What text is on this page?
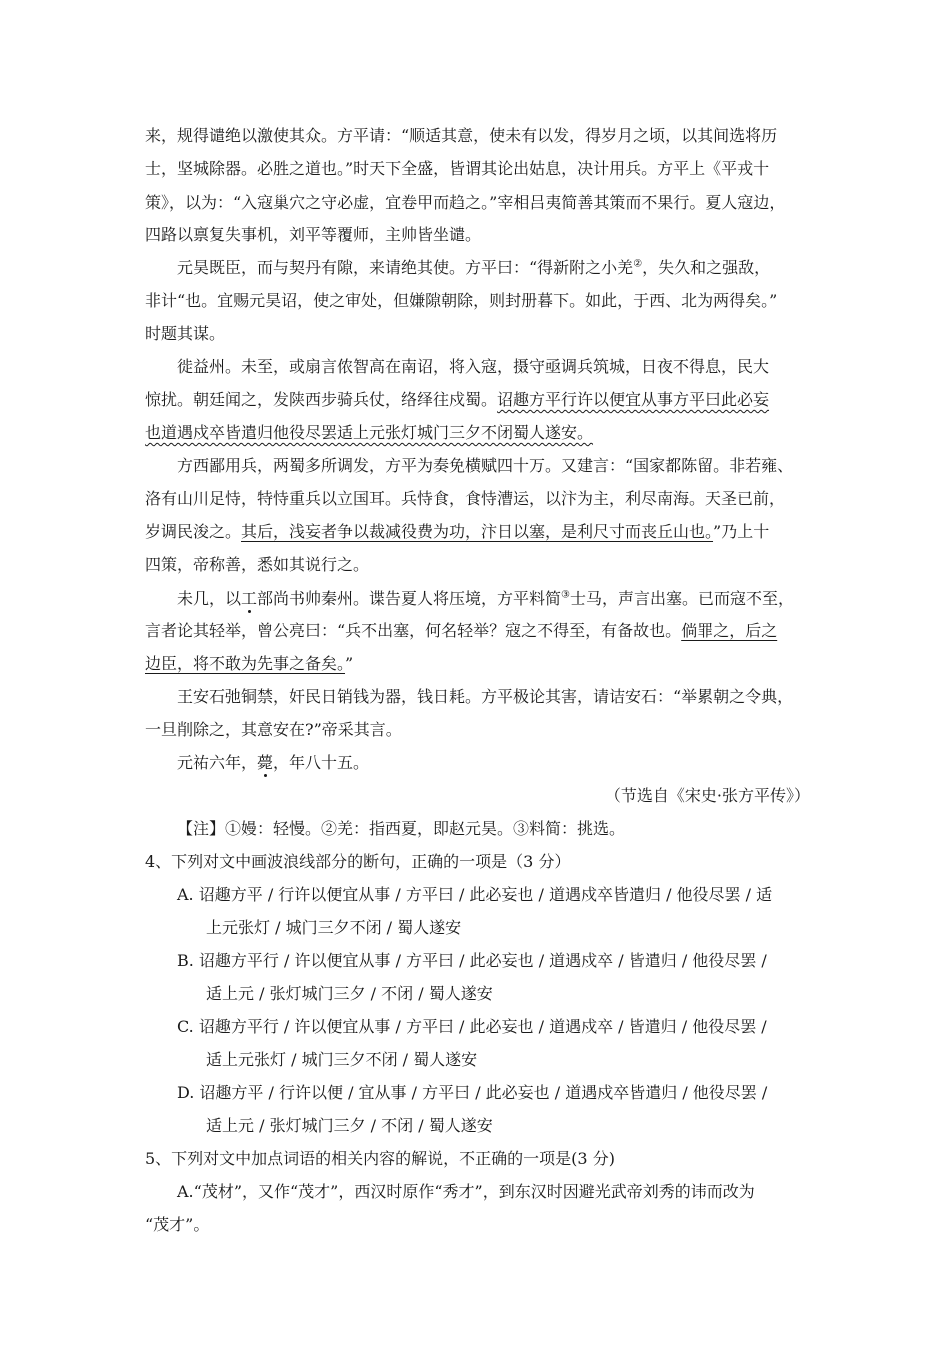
来，规得谴绝以激使其众。方平请：“顺适其意，使未有以发，得岁月之顷，以其间选将历
士，坚城除器。必胜之道也。”时天下全盛，皆谓其论出姑息，决计用兵。方平上《平戎十
策》，以为：“入寇巢穴之守必虚，宜卷甲而趋之。”宰相吕夷简善其策而不果行。夏人寇边，
四路以禀复失事机，刘平等覆师，主帅皆坐谴。
元昊既臣，而与契丹有隙，来请绝其使。方平曰：“得新附之小羌②，失久和之强敌，
非计“也。宜赐元昊诏，使之审处，但嫌隙朝除，则封册暮下。如此，于西、北为两得矣。”
时题其谋。
徙益州。未至，或扇言侬智高在南诏，将入寇，摄守亟调兵筑城，日夜不得息，民大
惊扰。朝廷闻之，发陕西步骑兵仗，络绎往戍蜀。诏趣方平行许以便宜从事方平曰此必妄
也道遇戍卒皆遣归他役尽罢适上元张灯城门三夕不闭蜀人遂安。
方西鄙用兵，两蜀多所调发，方平为奏免横赋四十万。又建言：“国家都陈留。非若雍、
洛有山川足恃，特恃重兵以立国耳。兵恃食，食恃漕运，以汴为主，利尽南海。天圣已前，
岁调民浚之。其后，浅妄者争以裁减役费为功，汴日以塞，是利尺寸而丧丘山也。”乃上十
四策，帝称善，悉如其说行之。
未几，以工部尚书帅秦州。谍告夏人将压境，方平料简③士马，声言出塞。已而寇不至，
言者论其轻举，曾公亮曰：“兵不出塞，何名轻举？寇之不得至，有备故也。倘罪之，后之
边臣，将不敢为先事之备矣。”
王安石弛铜禁，奸民日销钱为器，钱日耗。方平极论其害，请诘安石：“举累朝之令典，
一旦削除之，其意安在?”帝采其言。
元祐六年，薨，年八十五。
（节选自《宋史·张方平传》）
【注】①嫚：轻慢。②羌：指西夏，即赵元昊。③料简：挑选。
4、下列对文中画波浪线部分的断句，正确的一项是（3 分）
A. 诏趣方平 / 行许以便宜从事 / 方平曰 / 此必妄也 / 道遇戍卒皆遣归 / 他役尽罢 / 适
上元张灯 / 城门三夕不闭 / 蜀人遂安
B. 诏趣方平行 / 许以便宜从事 / 方平曰 / 此必妄也 / 道遇戍卒 / 皆遣归 / 他役尽罢 /
适上元 / 张灯城门三夕 / 不闭 / 蜀人遂安
C. 诏趣方平行 / 许以便宜从事 / 方平曰 / 此必妄也 / 道遇戍卒 / 皆遣归 / 他役尽罢 /
适上元张灯 / 城门三夕不闭 / 蜀人遂安
D. 诏趣方平 / 行许以便 / 宜从事 / 方平曰 / 此必妄也 / 道遇戍卒皆遣归 / 他役尽罢 /
适上元 / 张灯城门三夕 / 不闭 / 蜀人遂安
5、下列对文中加点词语的相关内容的解说，不正确的一项是(3 分)
A.“茂材”，又作“茂才”，西汉时原作“秀才”，到东汉时因避光武帝刘秀的讳而改为
“茂才”。
